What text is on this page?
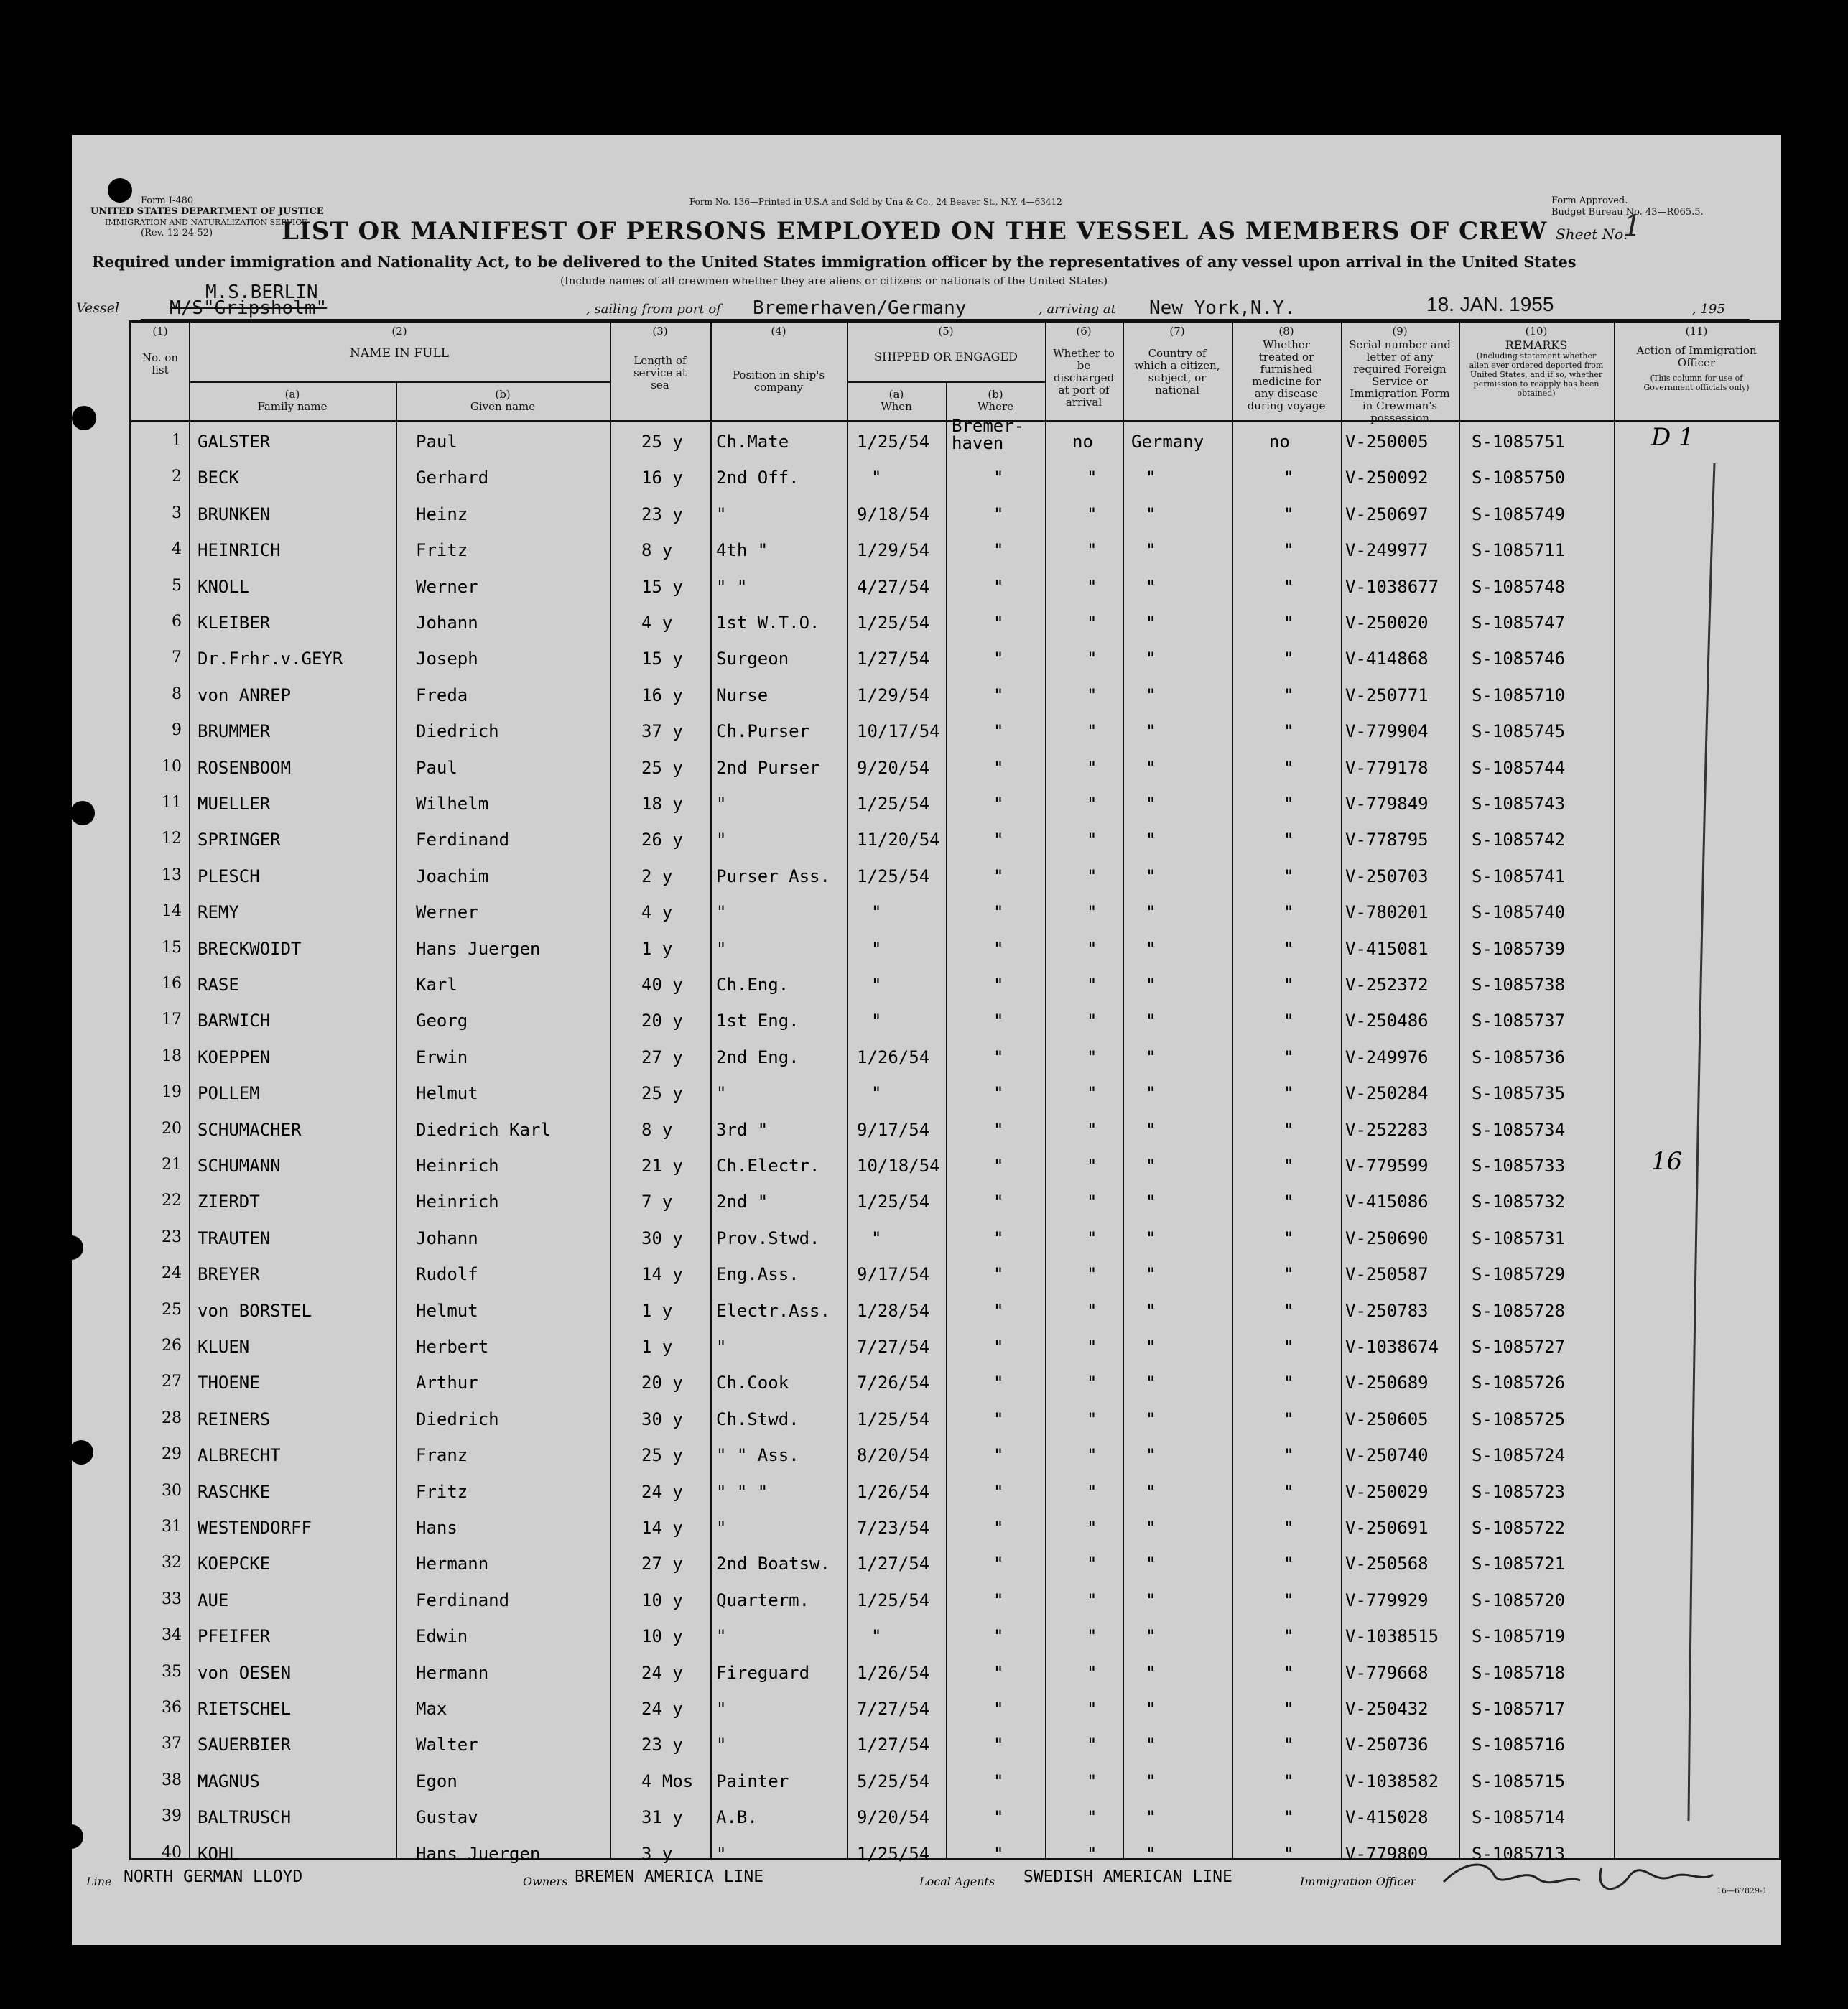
Form I-480
UNITED STATES DEPARTMENT OF JUSTICE
IMMIGRATION AND NATURALIZATION SERVICE
(Rev. 12-24-52)
Form No. 136—Printed in U.S.A and Sold by Una & Co., 24 Beaver St., N.Y. 4—63412	Form Approved.
Budget Bureau No. 43—R065.5.
LIST OR MANIFEST OF PERSONS EMPLOYED ON THE VESSEL AS MEMBERS OF CREW Sheet No.
1
Required under immigration and Nationality Act, to be delivered to the United States immigration officer by the representatives of any vessel upon arrival in the United States
(Include names of all crewmen whether they are aliens or citizens or nationals of the United States)
Vessel
M.S.BERLIN
M/S"Gripsholm"	, sailing from port of Bremerhaven/Germany	, arriving at New York,N.Y.	18. JAN. 1955	, 195
(1)
No. on list
(2)
NAME IN FULL
(a)
Family name
(b)
Given name
(3)
Length of service at sea
(4)
Position in ship's company
(5)
SHIPPED OR ENGAGED
(a)
When
(b)
Where
(6)
Whether to be discharged at port of arrival
(7)
Country of which a citizen, subject, or national
(8)
Whether treated or furnished medicine for any disease during voyage
(9)
Serial number and letter of any required Foreign Service or Immigration Form in Crewman's possession
(10)
REMARKS
(Including statement whether alien ever ordered deported from United States, and if so, whether permission to reapply has been obtained)
(11)
Action of Immigration Officer
(This column for use of Government officials only)
1 GALSTER	Paul	25 y Ch.Mate	1/25/54
Bremer-
haven	no Germany	no	V-250005	S-1085751	D 1
2 BECK	Gerhard	16 y 2nd Off.	"	"	"	"	"	V-250092	S-1085750
3 BRUNKEN	Heinz	23 y "	9/18/54	"	"	"	"	V-250697	S-1085749
4 HEINRICH	Fritz	8 y	4th "	1/29/54	"	"	"	"	V-249977	S-1085711
5 KNOLL	Werner	15 y " "	4/27/54	"	"	"	"	V-1038677 S-1085748
6 KLEIBER	Johann	4 y	1st W.T.O. 1/25/54	"	"	"	"	V-250020	S-1085747
7 Dr.Frhr.v.GEYR	Joseph	15 y Surgeon	1/27/54	"	"	"	"	V-414868	S-1085746
8 von ANREP	Freda	16 y Nurse	1/29/54	"	"	"	"	V-250771	S-1085710
9 BRUMMER	Diedrich	37 y Ch.Purser	10/17/54	"	"	"	"	V-779904	S-1085745
10 ROSENBOOM	Paul	25 y 2nd Purser 9/20/54	"	"	"	"	V-779178	S-1085744
11 MUELLER	Wilhelm	18 y "	1/25/54	"	"	"	"	V-779849	S-1085743
12 SPRINGER	Ferdinand	26 y "	11/20/54	"	"	"	"	V-778795	S-1085742
13 PLESCH	Joachim	2 y	Purser Ass. 1/25/54	"	"	"	"	V-250703	S-1085741
14 REMY	Werner	4 y	"	"	"	"	"	"	V-780201	S-1085740
15 BRECKWOIDT	Hans Juergen	1 y	"	"	"	"	"	"	V-415081	S-1085739
16 RASE	Karl	40 y Ch.Eng.	"	"	"	"	"	V-252372	S-1085738
17 BARWICH	Georg	20 y 1st Eng.	"	"	"	"	"	V-250486	S-1085737
18 KOEPPEN	Erwin	27 y 2nd Eng.	1/26/54	"	"	"	"	V-249976	S-1085736
19 POLLEM	Helmut	25 y "	"	"	"	"	"	V-250284	S-1085735
20 SCHUMACHER	Diedrich Karl	8 y	3rd "	9/17/54	"	"	"	"	V-252283	S-1085734
21 SCHUMANN	Heinrich	21 y Ch.Electr. 10/18/54	"	"	"	"	V-779599	S-1085733	16
22 ZIERDT	Heinrich	7 y	2nd "	1/25/54	"	"	"	"	V-415086	S-1085732
23 TRAUTEN	Johann	30 y Prov.Stwd.	"	"	"	"	"	V-250690	S-1085731
24 BREYER	Rudolf	14 y Eng.Ass.	9/17/54	"	"	"	"	V-250587	S-1085729
25 von BORSTEL	Helmut	1 y	Electr.Ass. 1/28/54	"	"	"	"	V-250783	S-1085728
26 KLUEN	Herbert	1 y	"	7/27/54	"	"	"	"	V-1038674 S-1085727
27 THOENE	Arthur	20 y Ch.Cook	7/26/54	"	"	"	"	V-250689	S-1085726
28 REINERS	Diedrich	30 y Ch.Stwd.	1/25/54	"	"	"	"	V-250605	S-1085725
29 ALBRECHT	Franz	25 y " " Ass.	8/20/54	"	"	"	"	V-250740	S-1085724
30 RASCHKE	Fritz	24 y " " "	1/26/54	"	"	"	"	V-250029	S-1085723
31 WESTENDORFF	Hans	14 y "	7/23/54	"	"	"	"	V-250691	S-1085722
32 KOEPCKE	Hermann	27 y 2nd Boatsw. 1/27/54	"	"	"	"	V-250568	S-1085721
33 AUE	Ferdinand	10 y Quarterm.	1/25/54	"	"	"	"	V-779929	S-1085720
34 PFEIFER	Edwin	10 y "	"	"	"	"	"	V-1038515 S-1085719
35 von OESEN	Hermann	24 y Fireguard	1/26/54	"	"	"	"	V-779668	S-1085718
36 RIETSCHEL	Max	24 y "	7/27/54	"	"	"	"	V-250432	S-1085717
37 SAUERBIER	Walter	23 y "	1/27/54	"	"	"	"	V-250736	S-1085716
38 MAGNUS	Egon	4 Mos Painter	5/25/54	"	"	"	"	V-1038582 S-1085715
39 BALTRUSCH	Gustav	31 y A.B.	9/20/54	"	"	"	"	V-415028	S-1085714
40 KOHL	Hans Juergen	3 y	"	1/25/54	"	"	"	"	V-779809	S-1085713
Line NORTH GERMAN LLOYD	Owners BREMEN AMERICA LINE	Local Agents SWEDISH AMERICAN LINE	Immigration Officer
16—67829-1
